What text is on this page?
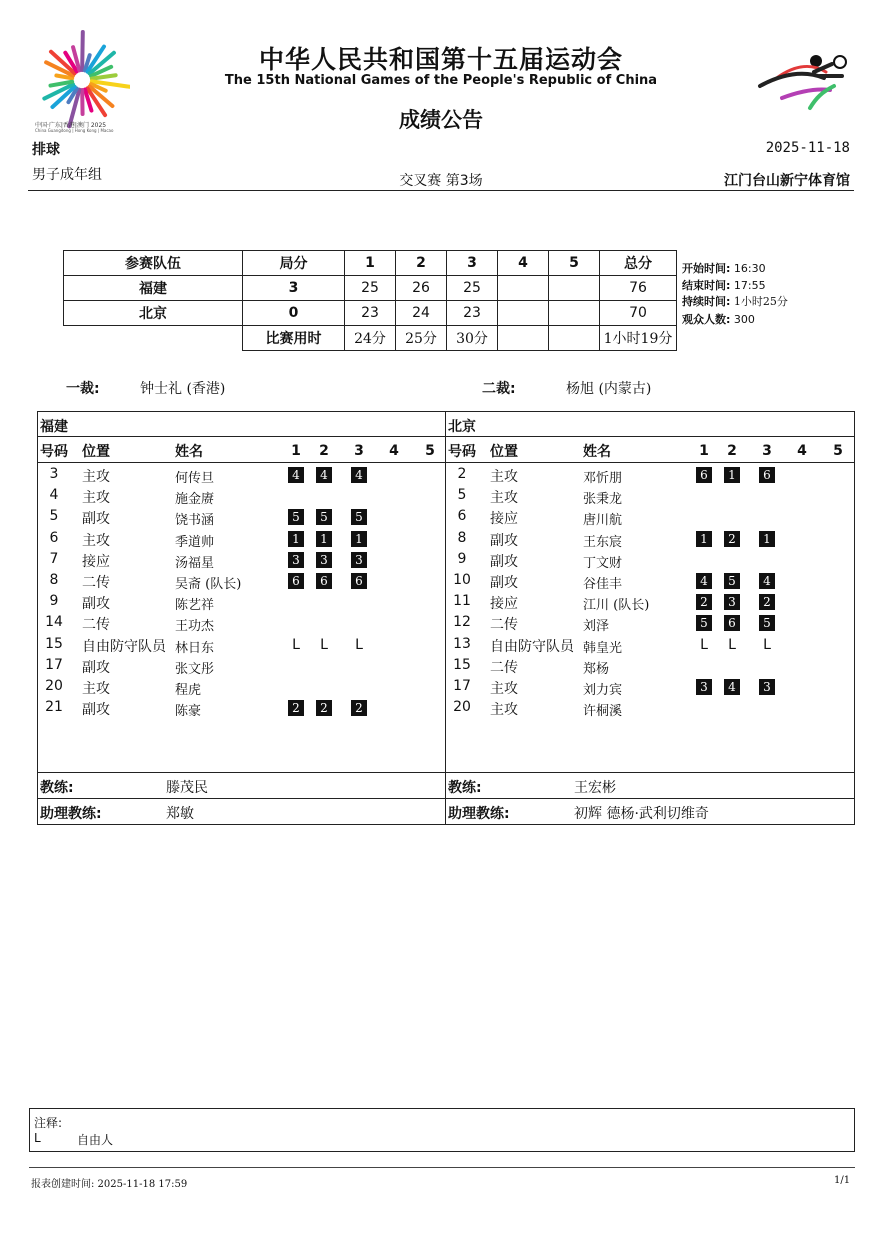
中国·广东|香港|澳门 2025
China Guangdong | Hong Kong | Macao
中华人民共和国第十五届运动会
The 15th National Games of the People's Republic of China
成绩公告
排球	2025-11-18
男子成年组	交叉赛 第3场	江门台山新宁体育馆
参赛队伍	局分	1	2	3	4	5	总分
福建	3	25	26	25			76
北京	0	23	24	23			70
	比赛用时	24分	25分	30分			1小时19分
开始时间: 16:30
结束时间: 17:55
持续时间: 1小时25分
观众人数: 300
一裁:	钟士礼 (香港)	二裁:	杨旭 (内蒙古)
福建
号码 位置	姓名	1 2 3 4 5
3	主攻	何传旦	4	4	4
4	主攻	施金赓
5	副攻	饶书涵	5	5	5
6	主攻	季道帅	1	1	1
7	接应	汤福星	3	3	3
8	二传	吴斋 (队长)	6	6	6
9	副攻	陈艺祥
14	二传	王功杰
15	自由防守队员 林日东	L L L
17	副攻	张文彤
20	主攻	程虎
21	副攻	陈豪	2	2	2
教练:	滕茂民
助理教练:	郑敏
北京
号码 位置	姓名	1 2 3 4 5
2	主攻	邓忻朋	6	1	6
5	主攻	张秉龙
6	接应	唐川航
8	副攻	王东宸	1	2	1
9	副攻	丁文财
10	副攻	谷佳丰	4	5	4
11	接应	江川 (队长)	2	3	2
12	二传	刘泽	5	6	5
13	自由防守队员 韩皇光	L L L
15	二传	郑杨
17	主攻	刘力宾	3	4	3
20	主攻	许桐溪
教练:	王宏彬
助理教练:	初辉 德杨·武利切维奇
注释:
L	自由人
报表创建时间: 2025-11-18 17:59	1/1
